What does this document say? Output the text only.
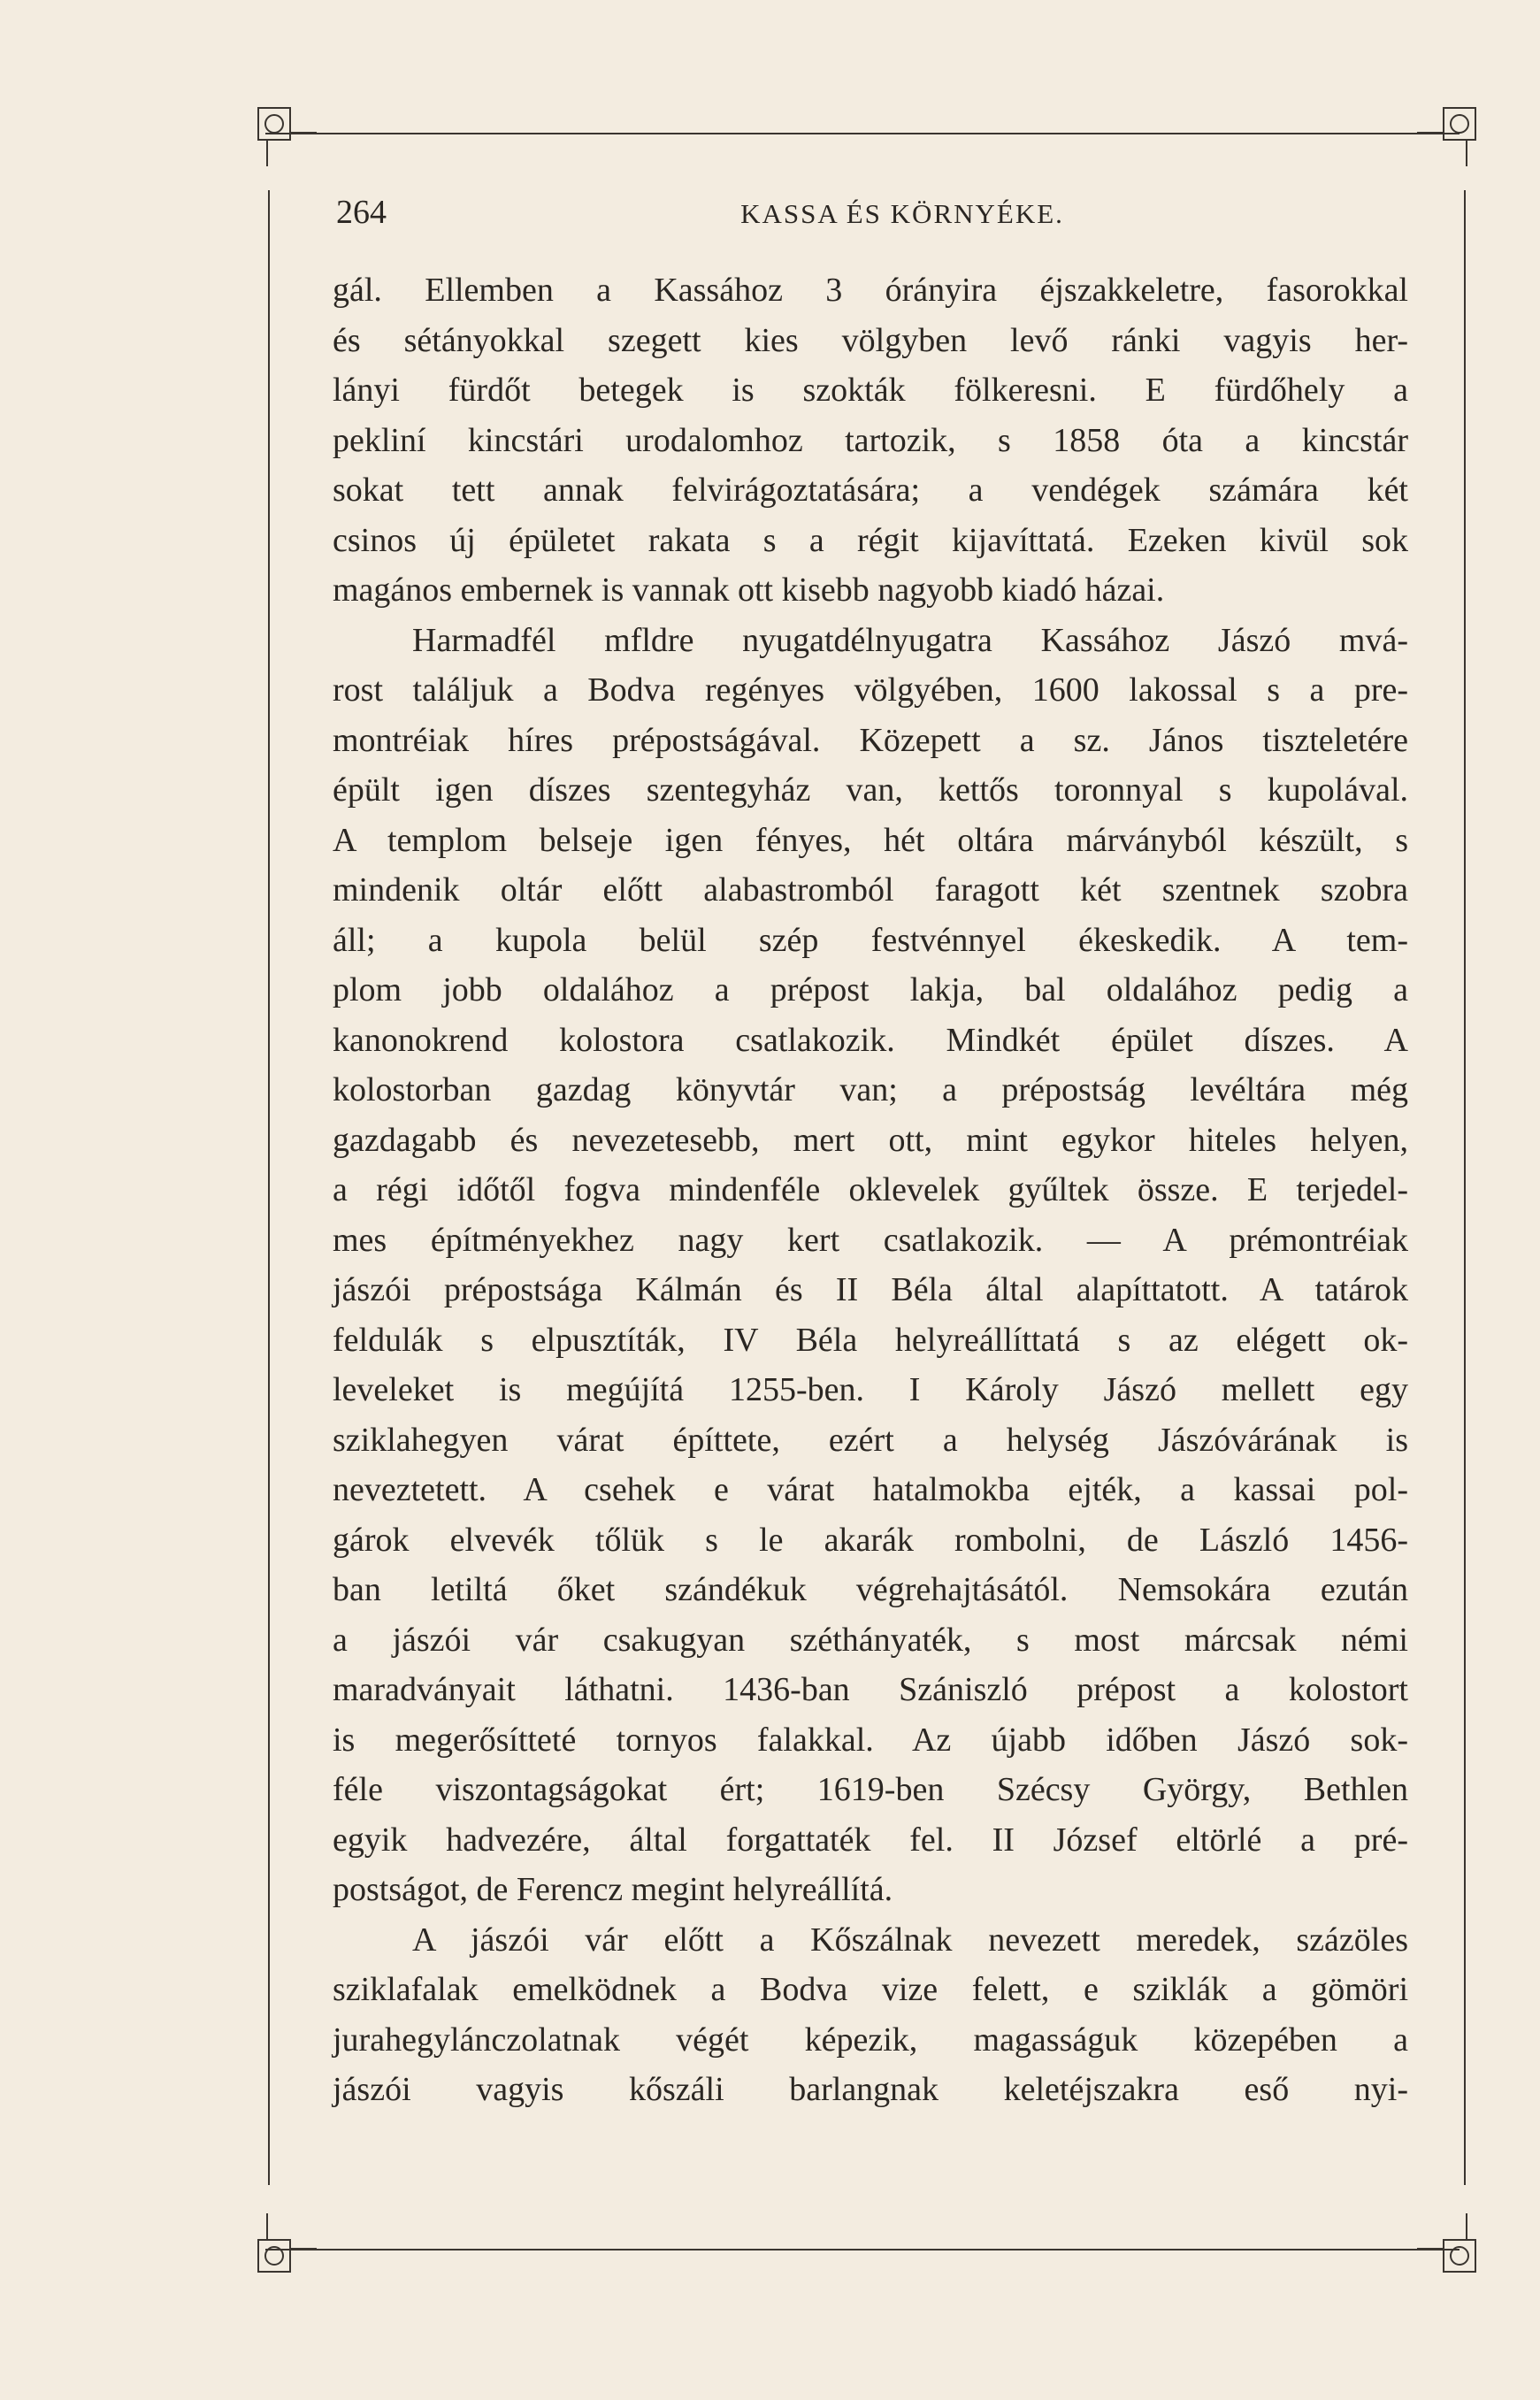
264	KASSA ÉS KÖRNYÉKE.
gál. Ellemben a Kassához 3 órányira éjszakkeletre, fasorokkal
és sétányokkal szegett kies völgyben levő ránki vagyis her-
lányi fürdőt betegek is szokták fölkeresni. E fürdőhely a
pekliní kincstári urodalomhoz tartozik, s 1858 óta a kincstár
sokat tett annak felvirágoztatására; a vendégek számára két
csinos új épületet rakata s a régit kijavíttatá. Ezeken kivül sok
magános embernek is vannak ott kisebb nagyobb kiadó házai.
Harmadfél mfldre nyugatdélnyugatra Kassához Jászó mvá-
rost találjuk a Bodva regényes völgyében, 1600 lakossal s a pre-
montréiak híres prépostságával. Közepett a sz. János tiszteletére
épült igen díszes szentegyház van, kettős toronnyal s kupolával.
A templom belseje igen fényes, hét oltára márványból készült, s
mindenik oltár előtt alabastromból faragott két szentnek szobra
áll; a kupola belül szép festvénnyel ékeskedik. A tem-
plom jobb oldalához a prépost lakja, bal oldalához pedig a
kanonokrend kolostora csatlakozik. Mindkét épület díszes. A
kolostorban gazdag könyvtár van; a prépostság levéltára még
gazdagabb és nevezetesebb, mert ott, mint egykor hiteles helyen,
a régi időtől fogva mindenféle oklevelek gyűltek össze. E terjedel-
mes építményekhez nagy kert csatlakozik. — A prémontréiak
jászói prépostsága Kálmán és II Béla által alapíttatott. A tatárok
feldulák s elpusztíták, IV Béla helyreállíttatá s az elégett ok-
leveleket is megújítá 1255-ben. I Károly Jászó mellett egy
sziklahegyen várat építtete, ezért a helység Jászóvárának is
neveztetett. A csehek e várat hatalmokba ejték, a kassai pol-
gárok elvevék tőlük s le akarák rombolni, de László 1456-
ban letiltá őket szándékuk végrehajtásától. Nemsokára ezután
a jászói vár csakugyan széthányaték, s most márcsak némi
maradványait láthatni. 1436-ban Szániszló prépost a kolostort
is megerősítteté tornyos falakkal. Az újabb időben Jászó sok-
féle viszontagságokat ért; 1619-ben Szécsy György, Bethlen
egyik hadvezére, által forgattaték fel. II József eltörlé a pré-
postságot, de Ferencz megint helyreállítá.
A jászói vár előtt a Kőszálnak nevezett meredek, százöles
sziklafalak emelködnek a Bodva vize felett, e sziklák a gömöri
jurahegylánczolatnak végét képezik, magasságuk közepében a
jászói vagyis kőszáli barlangnak keletéjszakra eső nyi-
